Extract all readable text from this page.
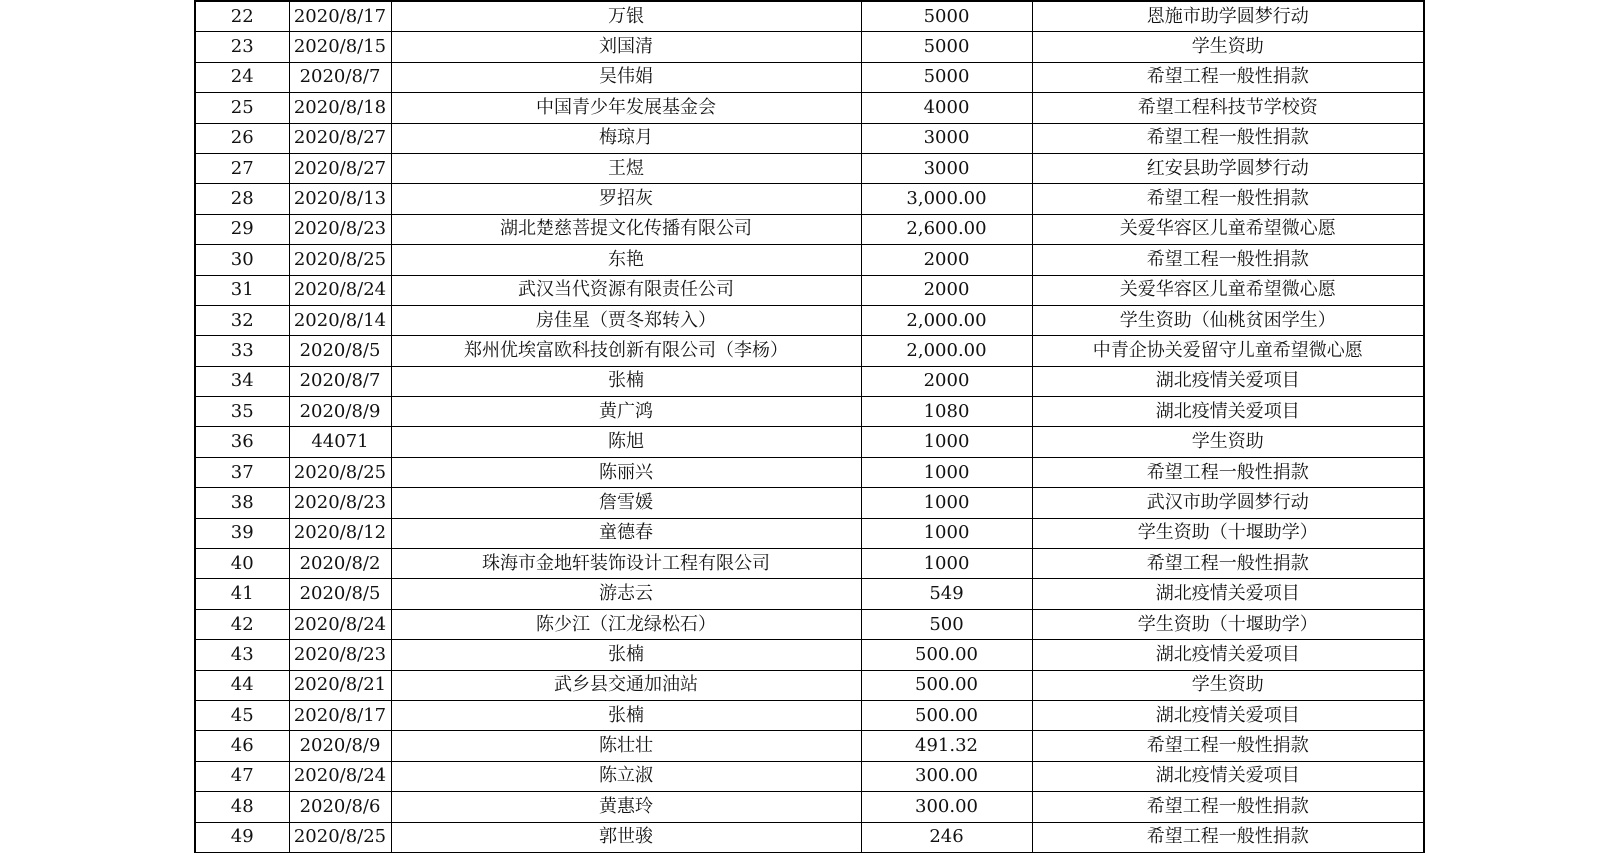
22	2020/8/17	万银	5000	恩施市助学圆梦行动
23	2020/8/15	刘国清	5000	学生资助
24	2020/8/7	吴伟娟	5000	希望工程一般性捐款
25	2020/8/18	中国青少年发展基金会	4000	希望工程科技节学校资
26	2020/8/27	梅琼月	3000	希望工程一般性捐款
27	2020/8/27	王煜	3000	红安县助学圆梦行动
28	2020/8/13	罗招灰	3,000.00	希望工程一般性捐款
29	2020/8/23	湖北楚慈菩提文化传播有限公司	2,600.00	关爱华容区儿童希望微心愿
30	2020/8/25	东艳	2000	希望工程一般性捐款
31	2020/8/24	武汉当代资源有限责任公司	2000	关爱华容区儿童希望微心愿
32	2020/8/14	房佳星（贾冬郑转入）	2,000.00	学生资助（仙桃贫困学生）
33	2020/8/5	郑州优埃富欧科技创新有限公司（李杨）	2,000.00	中青企协关爱留守儿童希望微心愿
34	2020/8/7	张楠	2000	湖北疫情关爱项目
35	2020/8/9	黄广鸿	1080	湖北疫情关爱项目
36	44071	陈旭	1000	学生资助
37	2020/8/25	陈丽兴	1000	希望工程一般性捐款
38	2020/8/23	詹雪媛	1000	武汉市助学圆梦行动
39	2020/8/12	童德春	1000	学生资助（十堰助学）
40	2020/8/2	珠海市金地轩装饰设计工程有限公司	1000	希望工程一般性捐款
41	2020/8/5	游志云	549	湖北疫情关爱项目
42	2020/8/24	陈少江（江龙绿松石）	500	学生资助（十堰助学）
43	2020/8/23	张楠	500.00	湖北疫情关爱项目
44	2020/8/21	武乡县交通加油站	500.00	学生资助
45	2020/8/17	张楠	500.00	湖北疫情关爱项目
46	2020/8/9	陈壮壮	491.32	希望工程一般性捐款
47	2020/8/24	陈立淑	300.00	湖北疫情关爱项目
48	2020/8/6	黄惠玲	300.00	希望工程一般性捐款
49	2020/8/25	郭世骏	246	希望工程一般性捐款
